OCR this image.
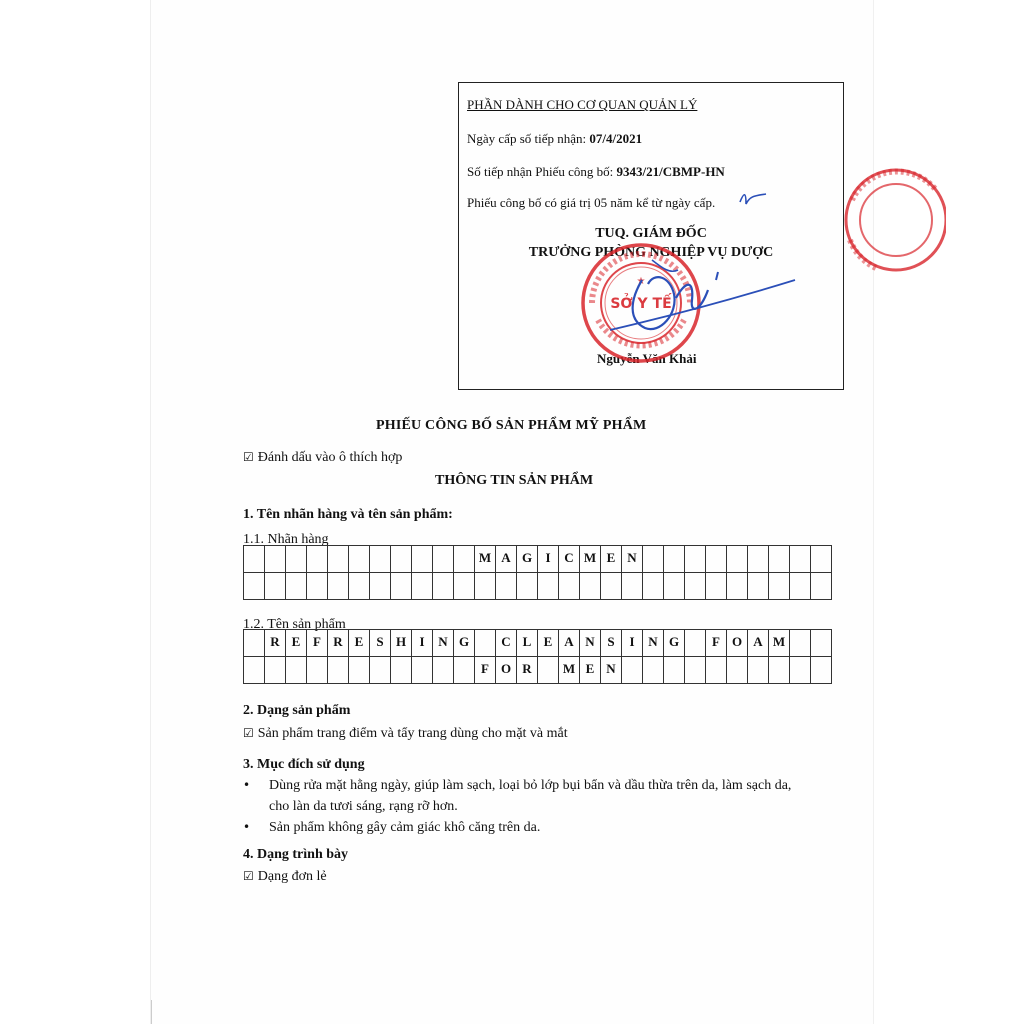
PHẦN DÀNH CHO CƠ QUAN QUẢN LÝ
Ngày cấp số tiếp nhận: 07/4/2021
Số tiếp nhận Phiếu công bố: 9343/21/CBMP-HN
Phiếu công bố có giá trị 05 năm kể từ ngày cấp.
TUQ. GIÁM ĐỐC
TRƯỞNG PHÒNG NGHIỆP VỤ DƯỢC
Nguyễn Văn Khải
SỞ Y TẾ
★
PHIẾU CÔNG BỐ SẢN PHẨM MỸ PHẨM
☑ Đánh dấu vào ô thích hợp
THÔNG TIN SẢN PHẨM
1. Tên nhãn hàng và tên sản phẩm:
1.1. Nhãn hàng
											M	A	G	I	C	M	E	N									

1.2. Tên sản phẩm
	R	E	F	R	E	S	H	I	N	G		C	L	E	A	N	S	I	N	G		F	O	A	M		
											F	O	R		M	E	N										
2. Dạng sản phẩm
☑ Sản phẩm trang điểm và tẩy trang dùng cho mặt và mắt
3. Mục đích sử dụng
• Dùng rửa mặt hằng ngày, giúp làm sạch, loại bỏ lớp bụi bẩn và dầu thừa trên da, làm sạch da, cho làn da tươi sáng, rạng rỡ hơn.
• Sản phẩm không gây cảm giác khô căng trên da.
4. Dạng trình bày
☑ Dạng đơn lẻ
